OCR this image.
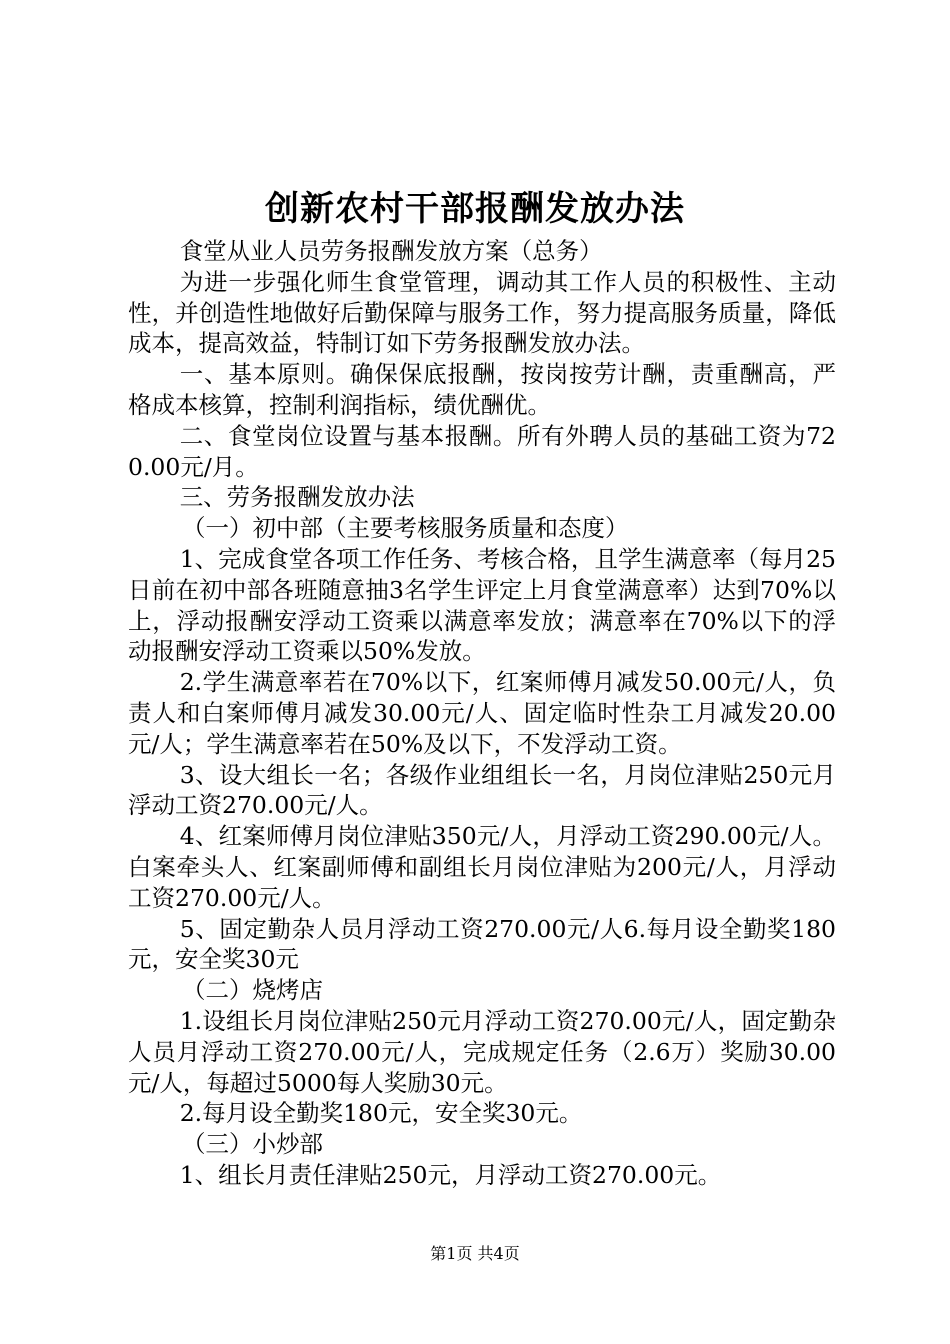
创新农村干部报酬发放办法

食堂从业人员劳务报酬发放方案（总务）

为进一步强化师生食堂管理，调动其工作人员的积极性、主动性，并创造性地做好后勤保障与服务工作，努力提高服务质量，降低成本，提高效益，特制订如下劳务报酬发放办法。

一、基本原则。确保保底报酬，按岗按劳计酬，责重酬高，严格成本核算，控制利润指标，绩优酬优。

二、食堂岗位设置与基本报酬。所有外聘人员的基础工资为720.00元/月。

三、劳务报酬发放办法

（一）初中部（主要考核服务质量和态度）

1、完成食堂各项工作任务、考核合格，且学生满意率（每月25日前在初中部各班随意抽3名学生评定上月食堂满意率）达到70%以上，浮动报酬安浮动工资乘以满意率发放；满意率在70%以下的浮动报酬安浮动工资乘以50%发放。

2.学生满意率若在70%以下，红案师傅月减发50.00元/人，负责人和白案师傅月减发30.00元/人、固定临时性杂工月减发20.00元/人；学生满意率若在50%及以下，不发浮动工资。

3、设大组长一名；各级作业组组长一名，月岗位津贴250元月浮动工资270.00元/人。

4、红案师傅月岗位津贴350元/人，月浮动工资290.00元/人。白案牵头人、红案副师傅和副组长月岗位津贴为200元/人，月浮动工资270.00元/人。

5、固定勤杂人员月浮动工资270.00元/人6.每月设全勤奖180元，安全奖30元

（二）烧烤店

1.设组长月岗位津贴250元月浮动工资270.00元/人，固定勤杂人员月浮动工资270.00元/人，完成规定任务（2.6万）奖励30.00元/人，每超过5000每人奖励30元。

2.每月设全勤奖180元，安全奖30元。

（三）小炒部

1、组长月责任津贴250元，月浮动工资270.00元。

第1页 共4页
